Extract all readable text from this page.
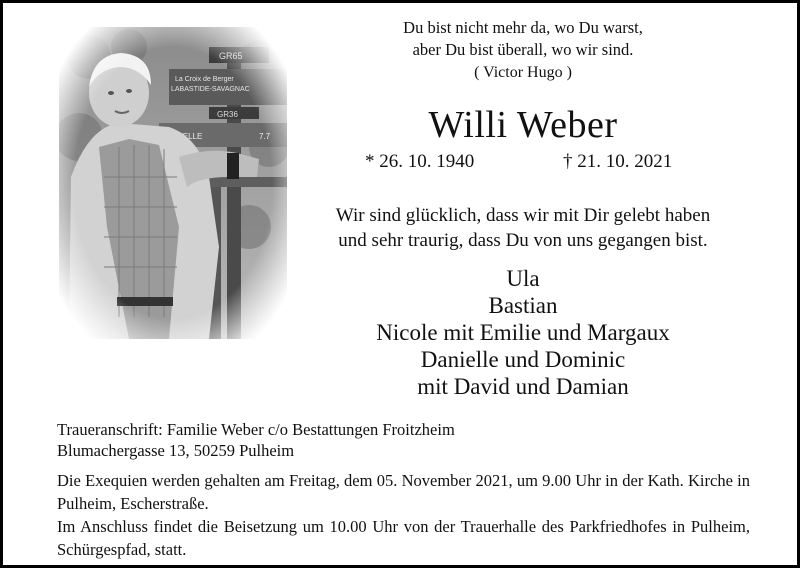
Du bist nicht mehr da, wo Du warst,
aber Du bist überall, wo wir sind.
( Victor Hugo )
Willi Weber
* 26. 10. 1940	† 21. 10. 2021
Wir sind glücklich, dass wir mit Dir gelebt haben
und sehr traurig, dass Du von uns gegangen bist.
Ula
Bastian
Nicole mit Emilie und Margaux
Danielle und Dominic
mit David und Damian
Traueranschrift: Familie Weber c/o Bestattungen Froitzheim
Blumachergasse 13, 50259 Pulheim

Die Exequien werden gehalten am Freitag, dem 05. November 2021, um 9.00 Uhr in der Kath. Kirche in Pulheim, Escherstraße.

Im Anschluss findet die Beisetzung um 10.00 Uhr von der Trauerhalle des Parkfriedhofes in Pulheim, Schürgespfad, statt.
